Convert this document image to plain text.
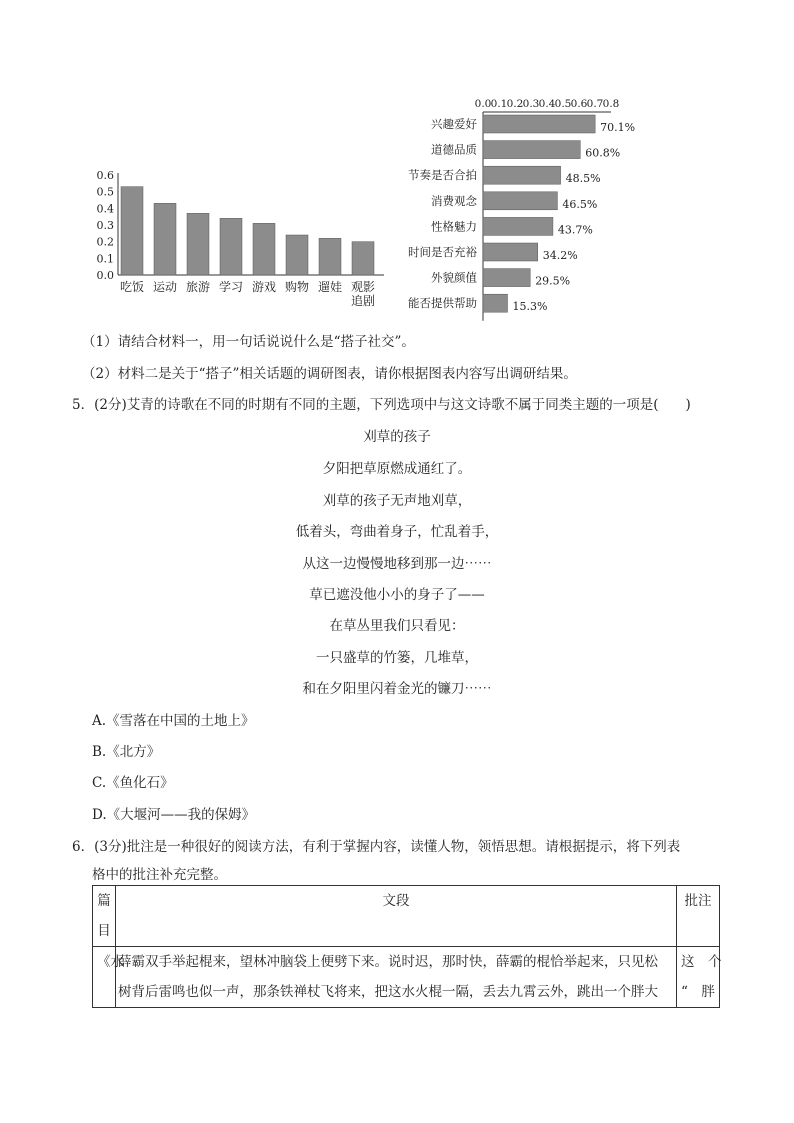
0.0
0.1
0.2
0.3
0.4
0.5
0.6
吃饭 运动 旅游 学习 游戏 购物 遛娃 观影
追剧
0.0 0.1 0.2 0.3 0.4 0.5 0.6 0.7 0.8
兴趣爱好	70.1%
道德品质	60.8%
节奏是否合拍	48.5%
消费观念	46.5%
性格魅力	43.7%
时间是否充裕	34.2%
外貌颜值	29.5%
能否提供帮助	15.3%
（1）请结合材料一，用一句话说说什么是“搭子社交”。
（2）材料二是关于“搭子”相关话题的调研图表，请你根据图表内容写出调研结果。
5．(2分)艾青的诗歌在不同的时期有不同的主题，下列选项中与这文诗歌不属于同类主题的一项是(　　)
刈草的孩子
夕阳把草原燃成通红了。
刈草的孩子无声地刈草，
低着头，弯曲着身子，忙乱着手，
从这一边慢慢地移到那一边⋯⋯
草已遮没他小小的身子了——
在草丛里我们只看见：
一只盛草的竹篓，几堆草，
和在夕阳里闪着金光的镰刀⋯⋯
A.《雪落在中国的土地上》
B.《北方》
C.《鱼化石》
D.《大堰河——我的保姆》
6．(3分)批注是一种很好的阅读方法，有利于掌握内容，读懂人物，领悟思想。请根据提示，将下列表
格中的批注补充完整。
篇目	文段	批注
《水	薛霸双手举起棍来，望林冲脑袋上便劈下来。说时迟，那时快，薛霸的棍恰举起来，只见松
树背后雷鸣也似一声，那条铁禅杖飞将来，把这水火棍一隔，丢去九霄云外，跳出一个胖大	这　个
“　胖
